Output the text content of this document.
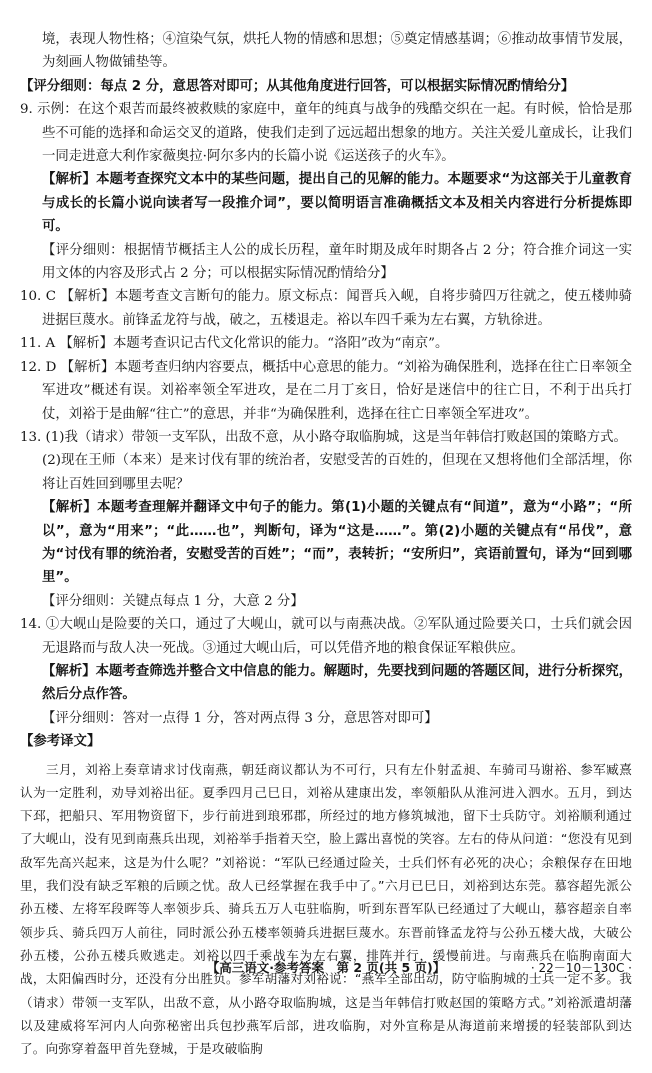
境，表现人物性格；④渲染气氛，烘托人物的情感和思想；⑤奠定情感基调；⑥推动故事情节发展，为刻画人物做铺垫等。

【评分细则：每点 2 分，意思答对即可；从其他角度进行回答，可以根据实际情况酌情给分】

9. 示例：在这个艰苦而最终被救赎的家庭中，童年的纯真与战争的残酷交织在一起。有时候，恰恰是那些不可能的选择和命运交叉的道路，使我们走到了远远超出想象的地方。关注关爱儿童成长，让我们一同走进意大利作家薇奥拉·阿尔多内的长篇小说《运送孩子的火车》。

【解析】本题考查探究文本中的某些问题，提出自己的见解的能力。本题要求“为这部关于儿童教育与成长的长篇小说向读者写一段推介词”，要以简明语言准确概括文本及相关内容进行分析提炼即可。

【评分细则：根据情节概括主人公的成长历程，童年时期及成年时期各占 2 分；符合推介词这一实用文体的内容及形式占 2 分；可以根据实际情况酌情给分】

10. C 【解析】本题考查文言断句的能力。原文标点：闻晋兵入岘，自将步骑四万往就之，使五楼帅骑进据巨蔑水。前锋孟龙符与战，破之，五楼退走。裕以车四千乘为左右翼，方轨徐进。

11. A 【解析】本题考查识记古代文化常识的能力。“洛阳”改为“南京”。

12. D 【解析】本题考查归纳内容要点，概括中心意思的能力。“刘裕为确保胜利，选择在往亡日率领全军进攻”概述有误。刘裕率领全军进攻，是在二月丁亥日，恰好是迷信中的往亡日，不利于出兵打仗，刘裕于是曲解“往亡”的意思，并非“为确保胜利，选择在往亡日率领全军进攻”。

13. (1)我（请求）带领一支军队，出敌不意，从小路夺取临朐城，这是当年韩信打败赵国的策略方式。

(2)现在王师（本来）是来讨伐有罪的统治者，安慰受苦的百姓的，但现在又想将他们全部活埋，你将让百姓回到哪里去呢？

【解析】本题考查理解并翻译文中句子的能力。第(1)小题的关键点有“间道”，意为“小路”；“所以”，意为“用来”；“此……也”，判断句，译为“这是……”。第(2)小题的关键点有“吊伐”，意为“讨伐有罪的统治者，安慰受苦的百姓”；“而”，表转折；“安所归”，宾语前置句，译为“回到哪里”。

【评分细则：关键点每点 1 分，大意 2 分】

14. ①大岘山是险要的关口，通过了大岘山，就可以与南燕决战。②军队通过险要关口，士兵们就会因无退路而与敌人决一死战。③通过大岘山后，可以凭借齐地的粮食保证军粮供应。

【解析】本题考查筛选并整合文中信息的能力。解题时，先要找到问题的答题区间，进行分析探究，然后分点作答。

【评分细则：答对一点得 1 分，答对两点得 3 分，意思答对即可】

【参考译文】

三月，刘裕上奏章请求讨伐南燕，朝廷商议都认为不可行，只有左仆射孟昶、车骑司马谢裕、参军臧熹认为一定胜利，劝导刘裕出征。夏季四月己巳日，刘裕从建康出发，率领船队从淮河进入泗水。五月，到达下邳，把船只、军用物资留下，步行前进到琅邪郡，所经过的地方修筑城池，留下士兵防守。刘裕顺利通过了大岘山，没有见到南燕兵出现，刘裕举手指着天空，脸上露出喜悦的笑容。左右的侍从问道：“您没有见到敌军先高兴起来，这是为什么呢？”刘裕说：“军队已经通过险关，士兵们怀有必死的决心；余粮保存在田地里，我们没有缺乏军粮的后顾之忧。敌人已经掌握在我手中了。”六月已巳日，刘裕到达东莞。慕容超先派公孙五楼、左将军段晖等人率领步兵、骑兵五万人屯驻临朐，听到东晋军队已经通过了大岘山，慕容超亲自率领步兵、骑兵四万人前往，同时派公孙五楼率领骑兵进据巨蔑水。东晋前锋孟龙符与公孙五楼大战，大破公孙五楼，公孙五楼兵败逃走。刘裕以四千乘战车为左右翼，排阵并行，缓慢前进。与南燕兵在临朐南面大战，太阳偏西时分，还没有分出胜负。参军胡藩对刘裕说：“燕军全部出动，防守临朐城的士兵一定不多。我（请求）带领一支军队，出敌不意，从小路夺取临朐城，这是当年韩信打败赵国的策略方式。”刘裕派遣胡藩以及建威将军河内人向弥秘密出兵包抄燕军后部，进攻临朐，对外宣称是从海道前来增援的轻装部队到达了。向弥穿着盔甲首先登城，于是攻破临朐

【高三语文·参考答案　第 2 页(共 5 页)】	· 22－10－130C ·
